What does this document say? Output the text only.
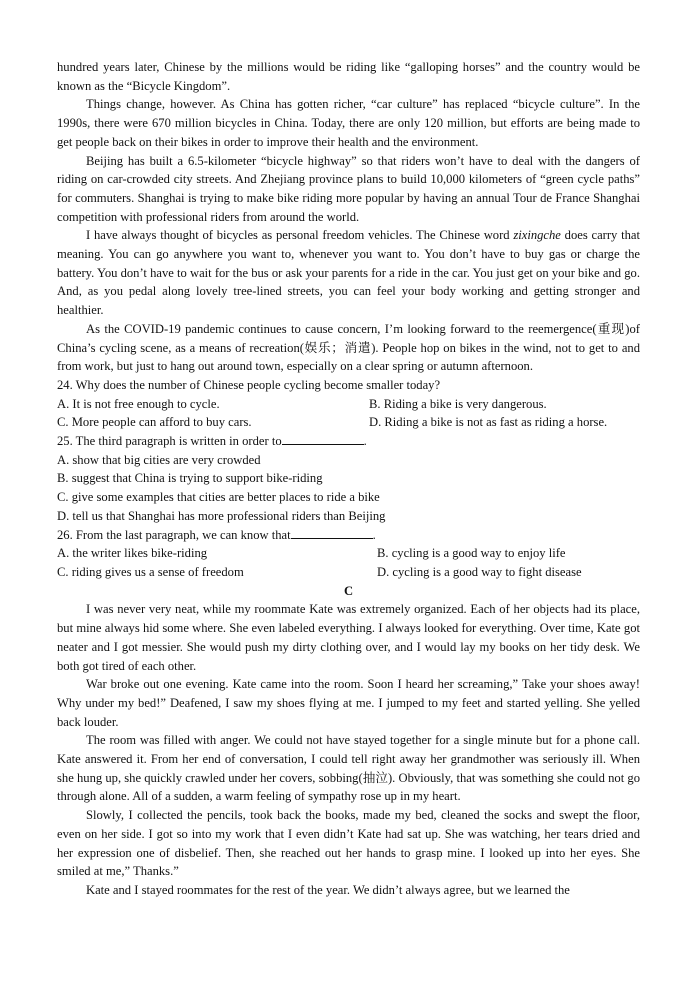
hundred years later, Chinese by the millions would be riding like “galloping horses” and the country would be known as the “Bicycle Kingdom”.

Things change, however. As China has gotten richer, “car culture” has replaced “bicycle culture”. In the 1990s, there were 670 million bicycles in China. Today, there are only 120 million, but efforts are being made to get people back on their bikes in order to improve their health and the environment.

Beijing has built a 6.5-kilometer “bicycle highway” so that riders won’t have to deal with the dangers of riding on car-crowded city streets. And Zhejiang province plans to build 10,000 kilometers of “green cycle paths” for commuters. Shanghai is trying to make bike riding more popular by having an annual Tour de France Shanghai competition with professional riders from around the world.

I have always thought of bicycles as personal freedom vehicles. The Chinese word zixingche does carry that meaning. You can go anywhere you want to, whenever you want to. You don’t have to buy gas or charge the battery. You don’t have to wait for the bus or ask your parents for a ride in the car. You just get on your bike and go. And, as you pedal along lovely tree-lined streets, you can feel your body working and getting stronger and healthier.

As the COVID-19 pandemic continues to cause concern, I’m looking forward to the reemergence(重现)of China’s cycling scene, as a means of recreation(娱乐；消遣). People hop on bikes in the wind, not to get to and from work, but just to hang out around town, especially on a clear spring or autumn afternoon.

24. Why does the number of Chinese people cycling become smaller today?

A. It is not free enough to cycle.	B. Riding a bike is very dangerous.
C. More people can afford to buy cars.	D. Riding a bike is not as fast as riding a horse.

25. The third paragraph is written in order to	.

A. show that big cities are very crowded

B. suggest that China is trying to support bike-riding

C. give some examples that cities are better places to ride a bike

D. tell us that Shanghai has more professional riders than Beijing

26. From the last paragraph, we can know that	.

A. the writer likes bike-riding	B. cycling is a good way to enjoy life
C. riding gives us a sense of freedom	D. cycling is a good way to fight disease

C

I was never very neat, while my roommate Kate was extremely organized. Each of her objects had its place, but mine always hid some where. She even labeled everything. I always looked for everything. Over time, Kate got neater and I got messier. She would push my dirty clothing over, and I would lay my books on her tidy desk. We both got tired of each other.

War broke out one evening. Kate came into the room. Soon I heard her screaming,” Take your shoes away! Why under my bed!” Deafened, I saw my shoes flying at me. I jumped to my feet and started yelling. She yelled back louder.

The room was filled with anger. We could not have stayed together for a single minute but for a phone call. Kate answered it. From her end of conversation, I could tell right away her grandmother was seriously ill. When she hung up, she quickly crawled under her covers, sobbing(抽泣). Obviously, that was something she could not go through alone. All of a sudden, a warm feeling of sympathy rose up in my heart.

Slowly, I collected the pencils, took back the books, made my bed, cleaned the socks and swept the floor, even on her side. I got so into my work that I even didn’t Kate had sat up. She was watching, her tears dried and her expression one of disbelief. Then, she reached out her hands to grasp mine. I looked up into her eyes. She smiled at me,” Thanks.”

Kate and I stayed roommates for the rest of the year. We didn’t always agree, but we learned the
